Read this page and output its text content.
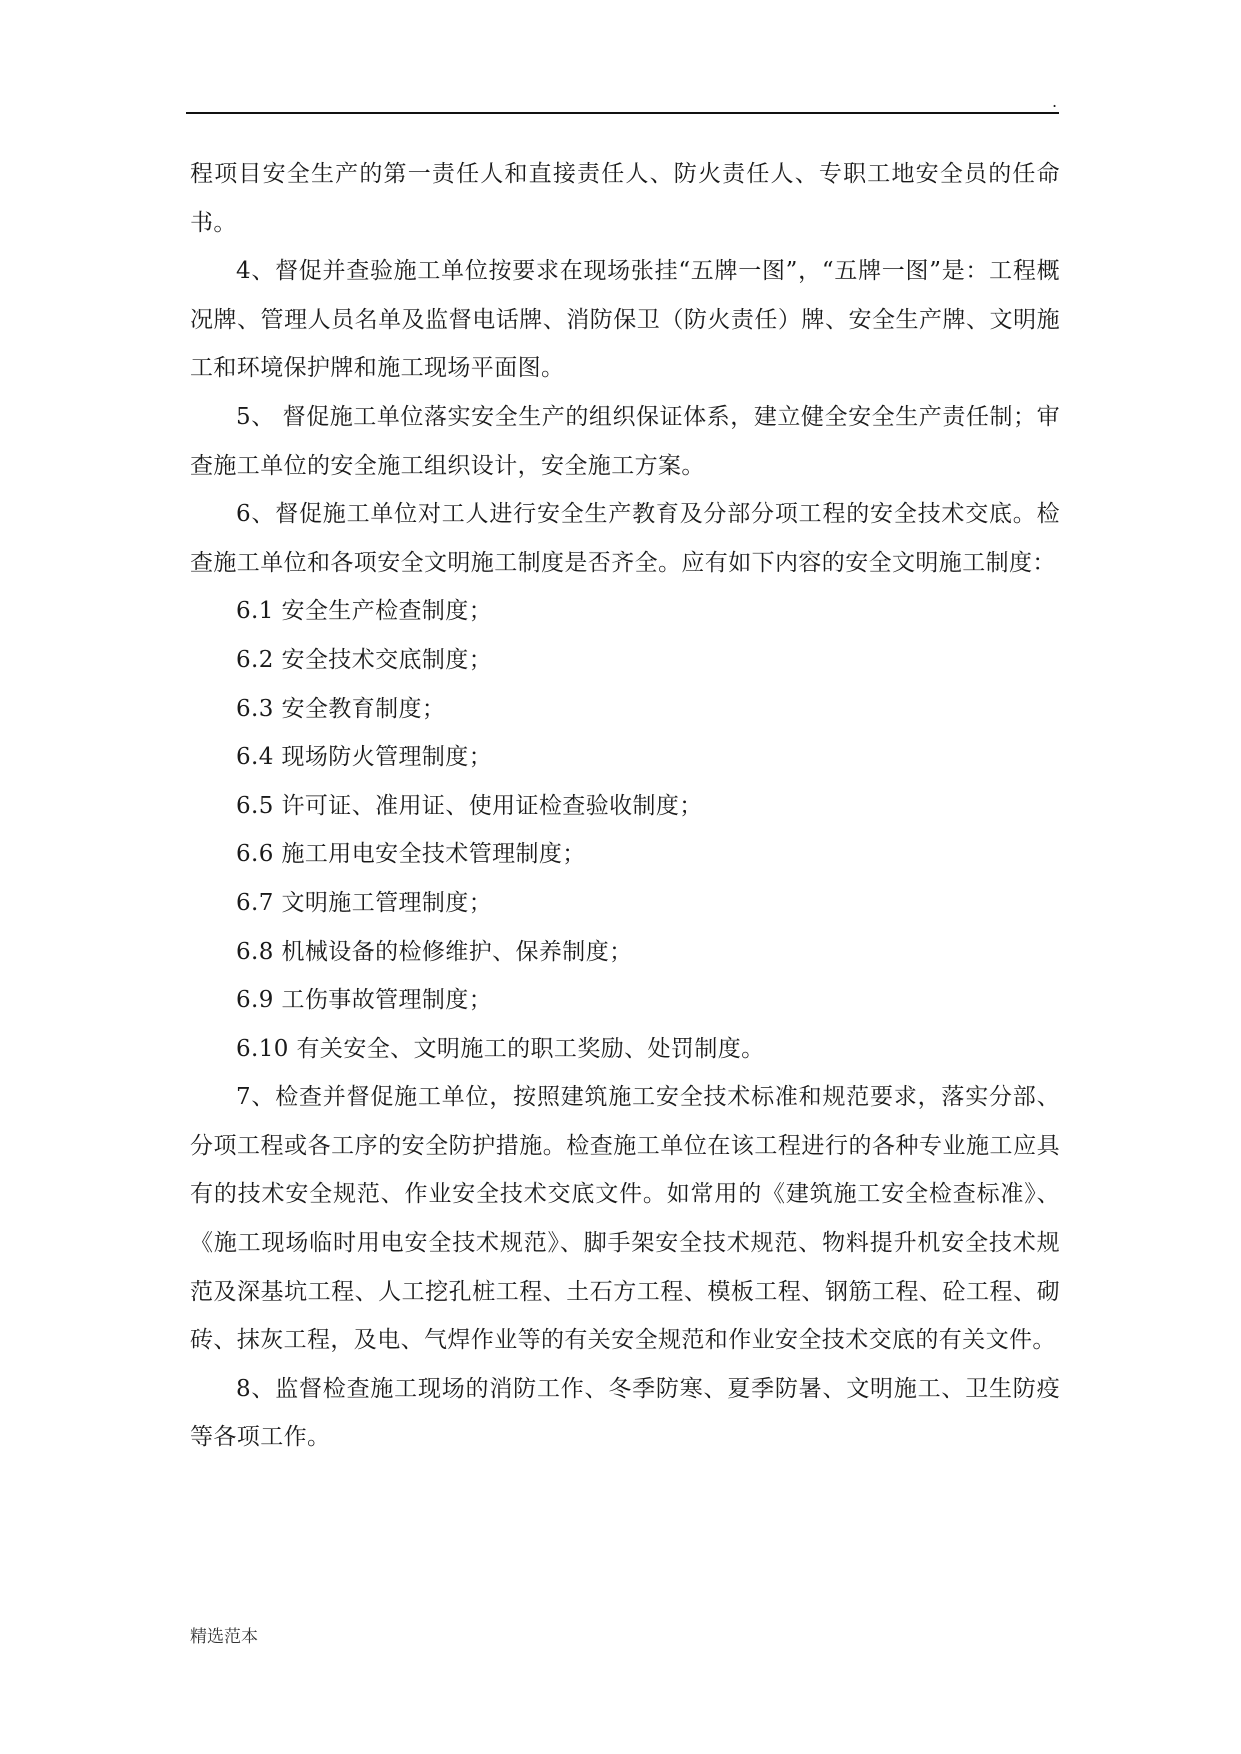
.

程项目安全生产的第一责任人和直接责任人、防火责任人、专职工地安全员的任命书。

4、督促并查验施工单位按要求在现场张挂“五牌一图”，“五牌一图”是：工程概况牌、管理人员名单及监督电话牌、消防保卫（防火责任）牌、安全生产牌、文明施工和环境保护牌和施工现场平面图。

5、 督促施工单位落实安全生产的组织保证体系，建立健全安全生产责任制；审查施工单位的安全施工组织设计，安全施工方案。

6、督促施工单位对工人进行安全生产教育及分部分项工程的安全技术交底。检查施工单位和各项安全文明施工制度是否齐全。应有如下内容的安全文明施工制度：

6.1 安全生产检查制度；

6.2 安全技术交底制度；

6.3 安全教育制度；

6.4 现场防火管理制度；

6.5 许可证、准用证、使用证检查验收制度；

6.6 施工用电安全技术管理制度；

6.7 文明施工管理制度；

6.8 机械设备的检修维护、保养制度；

6.9 工伤事故管理制度；

6.10 有关安全、文明施工的职工奖励、处罚制度。

7、检查并督促施工单位，按照建筑施工安全技术标准和规范要求，落实分部、分项工程或各工序的安全防护措施。检查施工单位在该工程进行的各种专业施工应具有的技术安全规范、作业安全技术交底文件。如常用的《建筑施工安全检查标准》、《施工现场临时用电安全技术规范》、脚手架安全技术规范、物料提升机安全技术规范及深基坑工程、人工挖孔桩工程、土石方工程、模板工程、钢筋工程、砼工程、砌砖、抹灰工程，及电、气焊作业等的有关安全规范和作业安全技术交底的有关文件。

8、监督检查施工现场的消防工作、冬季防寒、夏季防暑、文明施工、卫生防疫等各项工作。

精选范本
